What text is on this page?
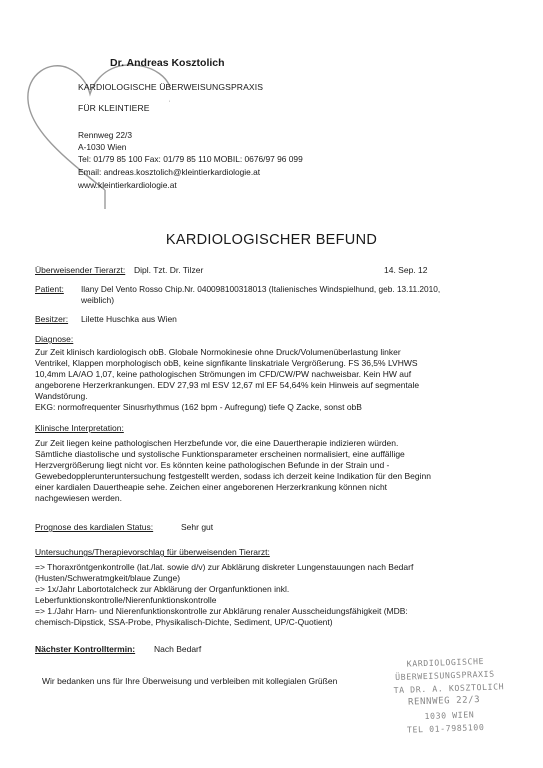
Dr. Andreas Kosztolich
KARDIOLOGISCHE ÜBERWEISUNGSPRAXIS
FÜR KLEINTIERE
Rennweg 22/3
A-1030 Wien
Tel: 01/79 85 100 Fax: 01/79 85 110 MOBIL: 0676/97 96 099
Email: andreas.kosztolich@kleintierkardiologie.at
www.kleintierkardiologie.at
KARDIOLOGISCHER BEFUND
Überweisender Tierarzt: Dipl. Tzt. Dr. Tilzer	14. Sep. 12
Patient: Ilany Del Vento Rosso Chip.Nr. 040098100318013 (Italienisches Windspielhund, geb. 13.11.2010,
weiblich)
Besitzer: Lilette Huschka aus Wien
Diagnose:
Zur Zeit klinisch kardiologisch obB. Globale Normokinesie ohne Druck/Volumenüberlastung linker
Ventrikel, Klappen morphologisch obB, keine signfikante linskatriale Vergrößerung. FS 36,5% LVHWS
10,4mm LA/AO 1,07, keine pathologischen Strömungen im CFD/CW/PW nachweisbar. Kein HW auf
angeborene Herzerkrankungen. EDV 27,93 ml ESV 12,67 ml EF 54,64% kein Hinweis auf segmentale
Wandstörung.
EKG: normofrequenter Sinusrhythmus (162 bpm - Aufregung) tiefe Q Zacke, sonst obB
Klinische Interpretation:
Zur Zeit liegen keine pathologischen Herzbefunde vor, die eine Dauertherapie indizieren würden.
Sämtliche diastolische und systolische Funktionsparameter erscheinen normalisiert, eine auffällige
Herzvergrößerung liegt nicht vor. Es könnten keine pathologischen Befunde in der Strain und -
Gewebedopplerunteruntersuchung festgestellt werden, sodass ich derzeit keine Indikation für den Beginn
einer kardialen Dauertheapie sehe. Zeichen einer angeborenen Herzerkrankung können nicht
nachgewiesen werden.
Prognose des kardialen Status:	Sehr gut
Untersuchungs/Therapievorschlag für überweisenden Tierarzt:
=> Thoraxröntgenkontrolle (lat./lat. sowie d/v) zur Abklärung diskreter Lungenstauungen nach Bedarf
(Husten/Schweratmgkeit/blaue Zunge)
=> 1x/Jahr Labortotalcheck zur Abklärung der Organfunktionen inkl.
Leberfunktionskontrolle/Nierenfunktionskontrolle
=> 1./Jahr Harn- und Nierenfunktionskontrolle zur Abklärung renaler Ausscheidungsfähigkeit (MDB:
chemisch-Dipstick, SSA-Probe, Physikalisch-Dichte, Sediment, UP/C-Quotient)
Nächster Kontrolltermin: Nach Bedarf
Wir bedanken uns für Ihre Überweisung und verbleiben mit kollegialen Grüßen
KARDIOLOGISCHE
ÜBERWEISUNGSPRAXIS
TA DR. A. KOSZTOLICH
RENNWEG 22/3
1030 WIEN
TEL 01-7985100
